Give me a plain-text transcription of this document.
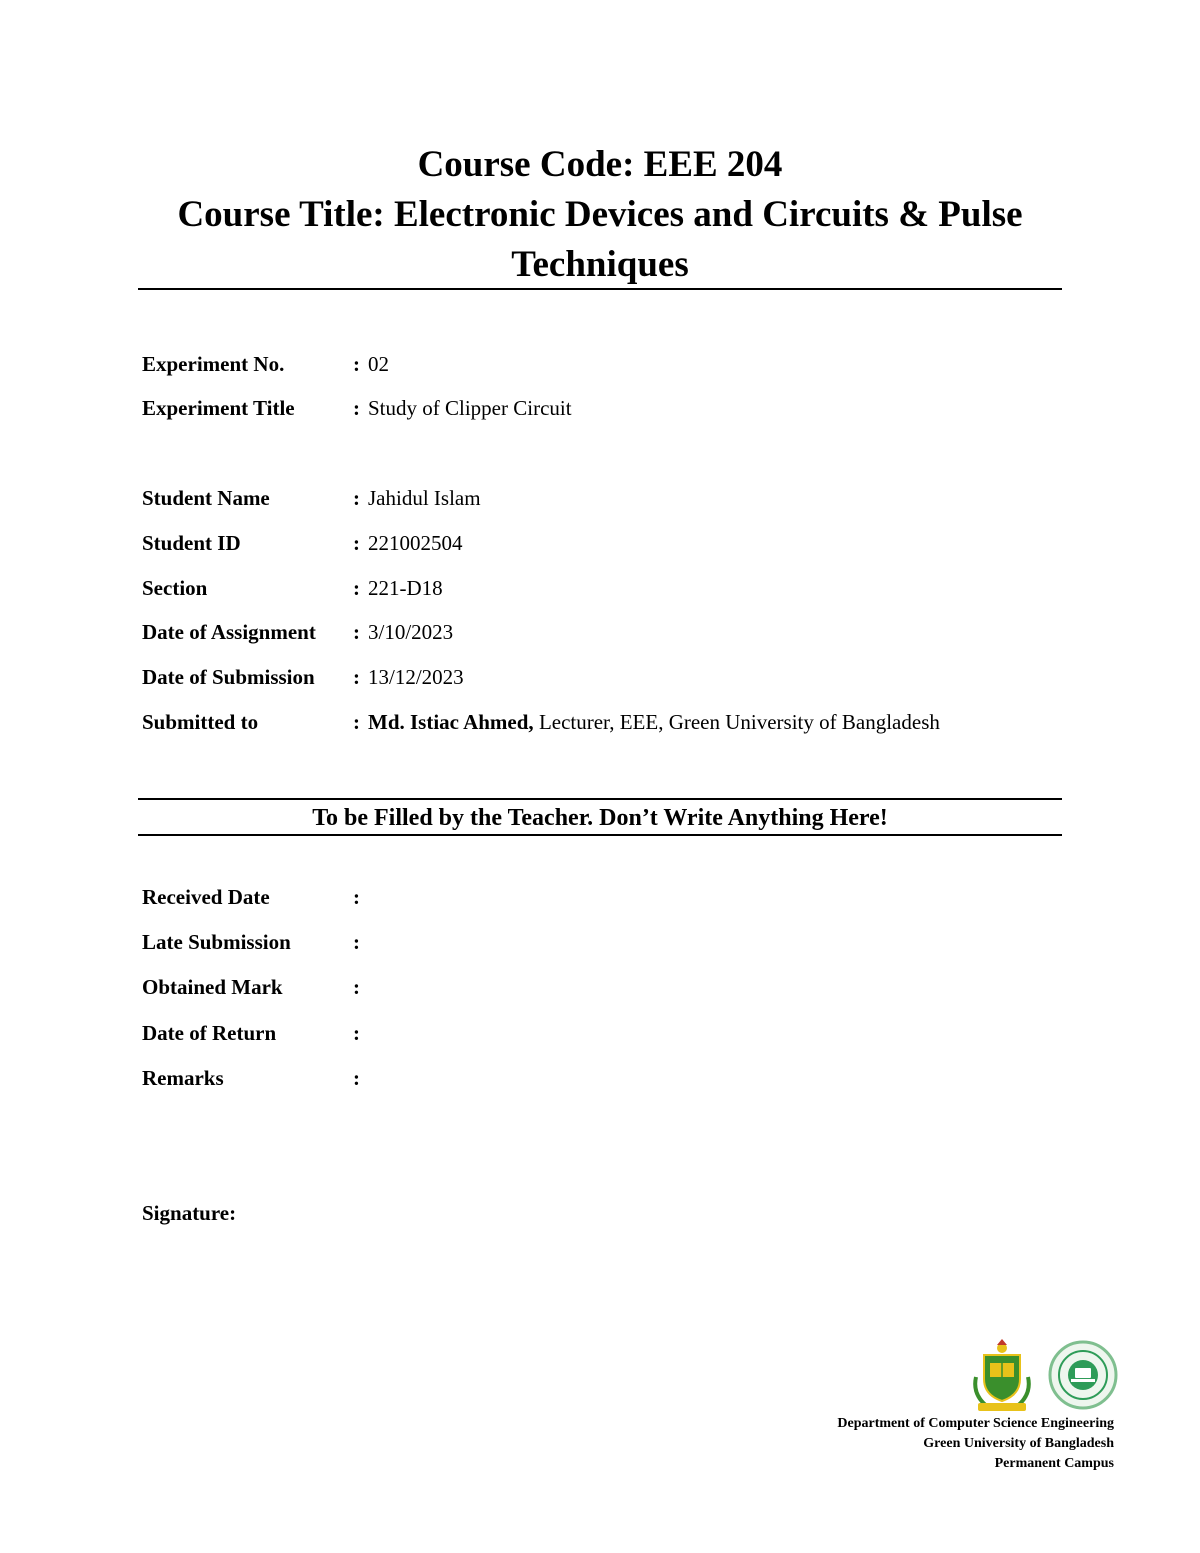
Course Code: EEE 204
Course Title: Electronic Devices and Circuits & Pulse
Techniques
Experiment No.	: 02
Experiment Title	: Study of Clipper Circuit
Student Name	: Jahidul Islam
Student ID	: 221002504
Section	: 221-D18
Date of Assignment : 3/10/2023
Date of Submission : 13/12/2023
Submitted to	: Md. Istiac Ahmed, Lecturer, EEE, Green University of Bangladesh
To be Filled by the Teacher. Don’t Write Anything Here!
Received Date	:
Late Submission	:
Obtained Mark	:
Date of Return	:
Remarks	:
Signature:
Department of Computer Science Engineering
Green University of Bangladesh
Permanent Campus
